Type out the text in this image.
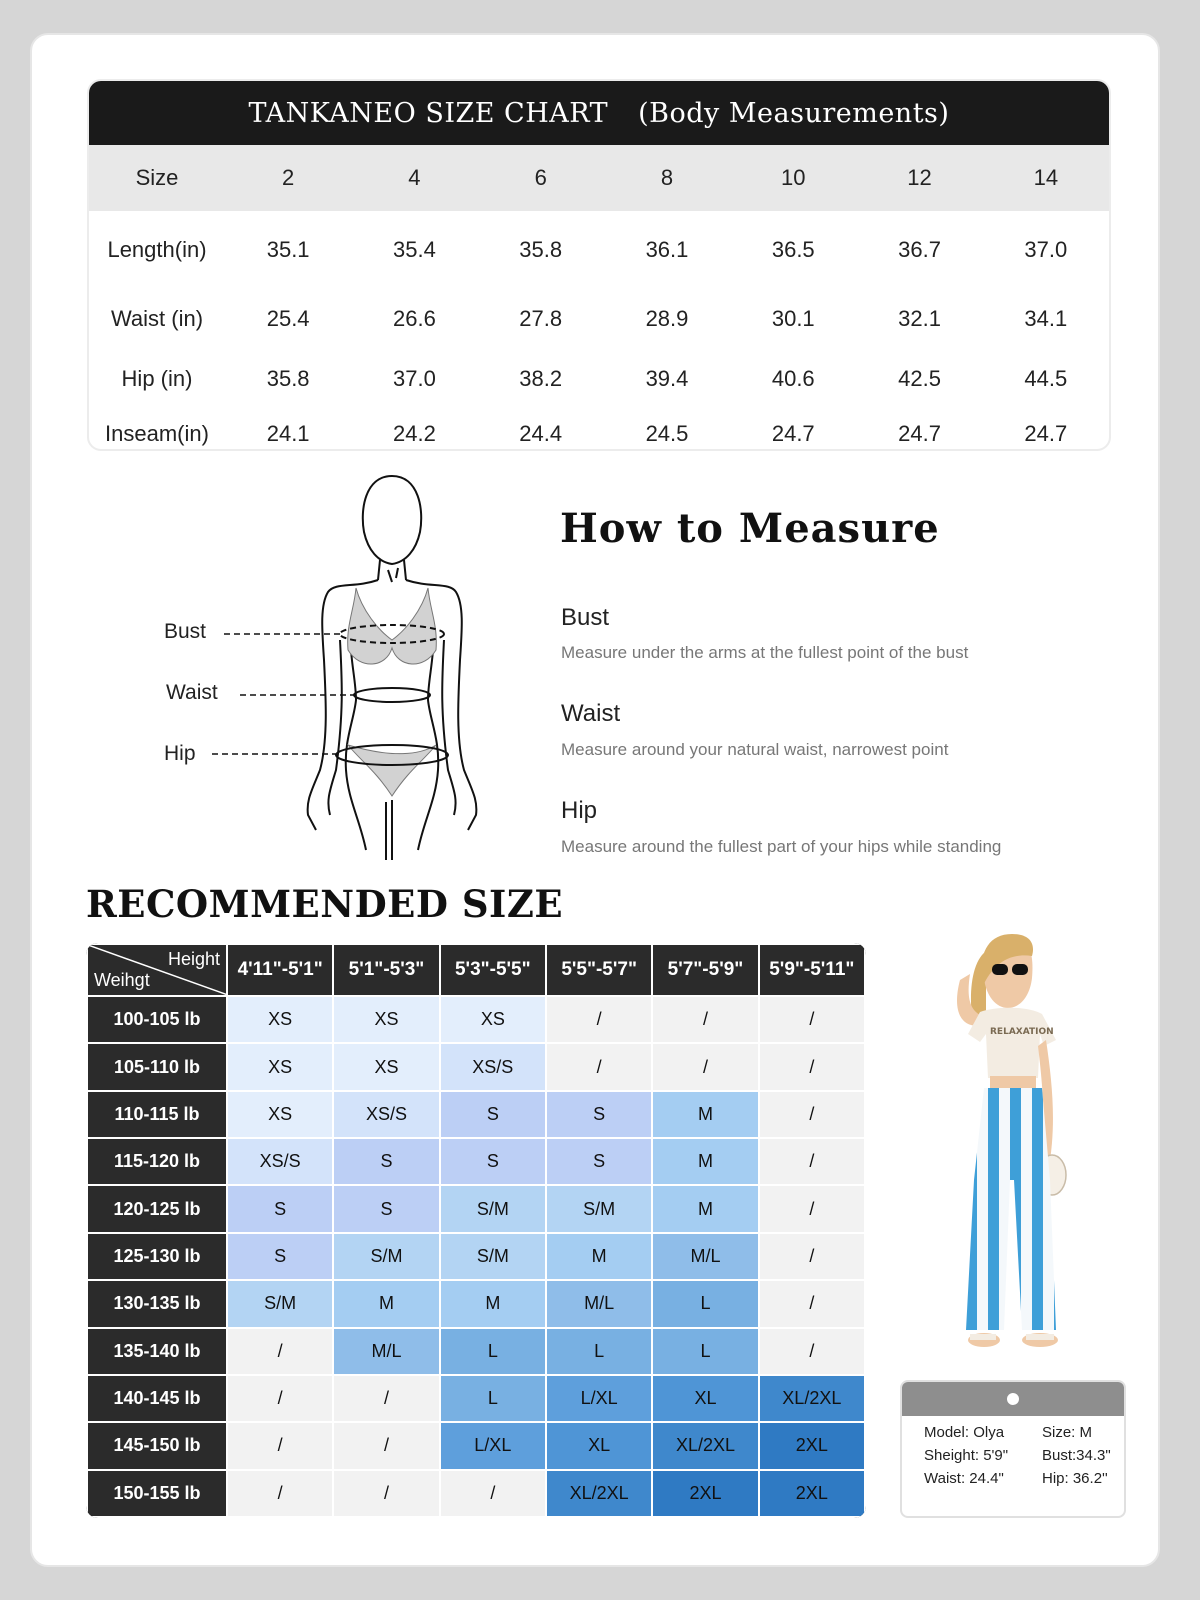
TANKANEO SIZE CHART (Body Measurements)
Size	2	4	6	8	10	12	14
Length(in)	35.1	35.4	35.8	36.1	36.5	36.7	37.0
Waist (in)	25.4	26.6	27.8	28.9	30.1	32.1	34.1
Hip (in)	35.8	37.0	38.2	39.4	40.6	42.5	44.5
Inseam(in)	24.1	24.2	24.4	24.5	24.7	24.7	24.7
Bust
Waist
Hip
How to Measure
Bust
Measure under the arms at the fullest point of the bust
Waist
Measure around your natural waist, narrowest point
Hip
Measure around the fullest part of your hips while standing
RECOMMENDED SIZE
Height
Weihgt	4'11"-5'1"	5'1"-5'3"	5'3"-5'5"	5'5"-5'7"	5'7"-5'9"	5'9"-5'11"
100-105 lb	XS	XS	XS	/	/	/
105-110 lb	XS	XS	XS/S	/	/	/
110-115 lb	XS	XS/S	S	S	M	/
115-120 lb	XS/S	S	S	S	M	/
120-125 lb	S	S	S/M	S/M	M	/
125-130 lb	S	S/M	S/M	M	M/L	/
130-135 lb	S/M	M	M	M/L	L	/
135-140 lb	/	M/L	L	L	L	/
140-145 lb	/	/	L	L/XL	XL	XL/2XL
145-150 lb	/	/	L/XL	XL	XL/2XL	2XL
150-155 lb	/	/	/	XL/2XL	2XL	2XL
RELAXATION
Model: Olya	Size: M
Sheight: 5'9"	Bust:34.3"
Waist: 24.4"	Hip: 36.2''
